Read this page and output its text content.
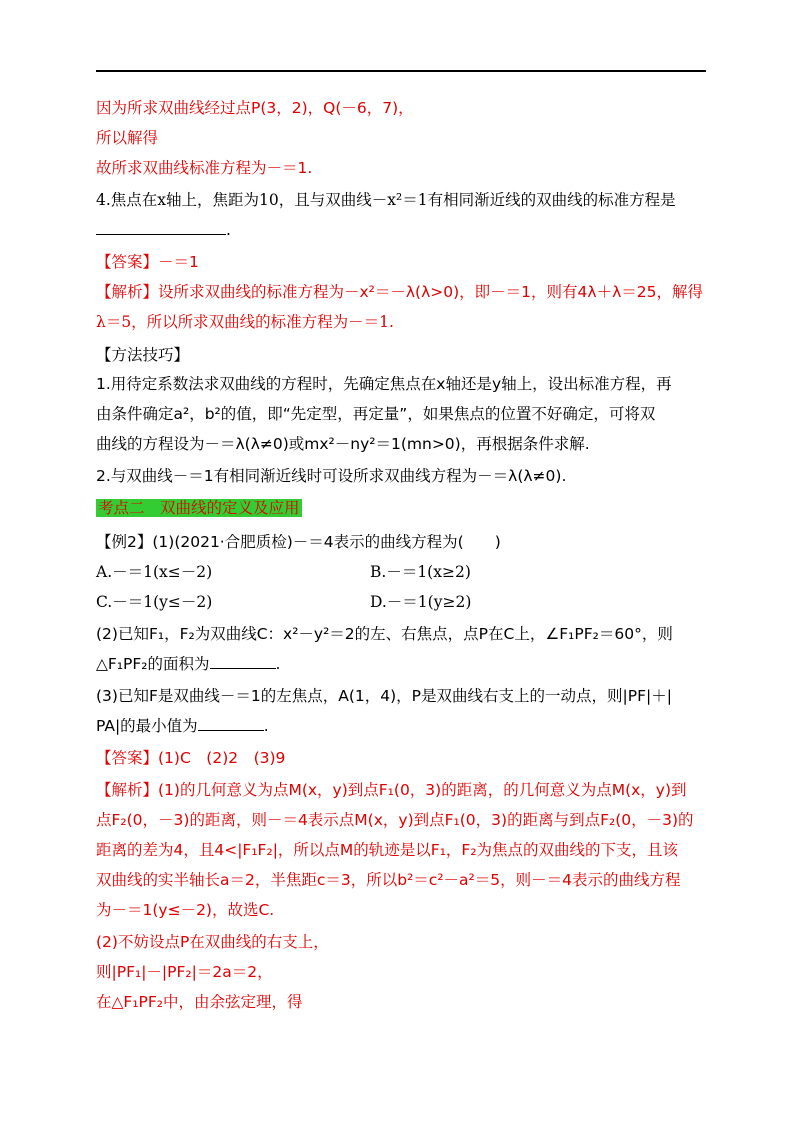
因为所求双曲线经过点P(3，2)，Q(－6，7)，
所以解得
故所求双曲线标准方程为－＝1.
4.焦点在x轴上，焦距为10，且与双曲线－x²＝1有相同渐近线的双曲线的标准方程是
.
【答案】－＝1
【解析】设所求双曲线的标准方程为－x²＝－λ(λ>0)，即－＝1，则有4λ＋λ＝25，解得
λ＝5，所以所求双曲线的标准方程为－＝1.
【方法技巧】
1.用待定系数法求双曲线的方程时，先确定焦点在x轴还是y轴上，设出标准方程，再
由条件确定a²，b²的值，即“先定型，再定量”，如果焦点的位置不好确定，可将双
曲线的方程设为－＝λ(λ≠0)或mx²－ny²＝1(mn>0)，再根据条件求解.
2.与双曲线－＝1有相同渐近线时可设所求双曲线方程为－＝λ(λ≠0).
考点二　双曲线的定义及应用
【例2】(1)(2021·合肥质检)－＝4表示的曲线方程为(　　)
A.－＝1(x≤－2)	B.－＝1(x≥2)
C.－＝1(y≤－2)	D.－＝1(y≥2)
(2)已知F₁，F₂为双曲线C：x²－y²＝2的左、右焦点，点P在C上，∠F₁PF₂＝60°，则
△F₁PF₂的面积为	.
(3)已知F是双曲线－＝1的左焦点，A(1，4)，P是双曲线右支上的一动点，则|PF|＋|
PA|的最小值为	.
【答案】(1)C　(2)2　(3)9
【解析】(1)的几何意义为点M(x，y)到点F₁(0，3)的距离，的几何意义为点M(x，y)到
点F₂(0，－3)的距离，则－＝4表示点M(x，y)到点F₁(0，3)的距离与到点F₂(0，－3)的
距离的差为4，且4<|F₁F₂|，所以点M的轨迹是以F₁，F₂为焦点的双曲线的下支，且该
双曲线的实半轴长a＝2，半焦距c＝3，所以b²＝c²－a²＝5，则－＝4表示的曲线方程
为－＝1(y≤－2)，故选C.
(2)不妨设点P在双曲线的右支上，
则|PF₁|－|PF₂|＝2a＝2，
在△F₁PF₂中，由余弦定理，得
